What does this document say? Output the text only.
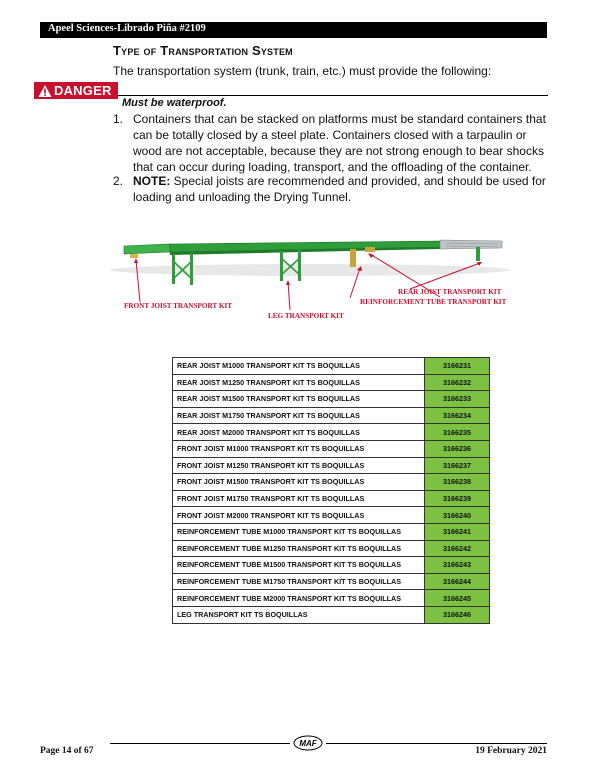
Apeel Sciences-Librado Piña #2109
Type of Transportation System
The transportation system (trunk, train, etc.) must provide the following:
DANGER
Must be waterproof.
1. Containers that can be stacked on platforms must be standard containers that can be totally closed by a steel plate. Containers closed with a tarpaulin or wood are not acceptable, because they are not strong enough to bear shocks that can occur during loading, transport, and the offloading of the container.
2. NOTE: Special joists are recommended and provided, and should be used for loading and unloading the Drying Tunnel.
FRONT JOIST TRANSPORT KIT
LEG TRANSPORT KIT
REAR JOIST TRANSPORT KIT
REINFORCEMENT TUBE TRANSPORT KIT
REAR JOIST M1000 TRANSPORT KIT TS BOQUILLAS	3166231
REAR JOIST M1250 TRANSPORT KIT TS BOQUILLAS	3166232
REAR JOIST M1500 TRANSPORT KIT TS BOQUILLAS	3166233
REAR JOIST M1750 TRANSPORT KIT TS BOQUILLAS	3166234
REAR JOIST M2000 TRANSPORT KIT TS BOQUILLAS	3166235
FRONT JOIST M1000 TRANSPORT KIT TS BOQUILLAS	3166236
FRONT JOIST M1250 TRANSPORT KIT TS BOQUILLAS	3166237
FRONT JOIST M1500 TRANSPORT KIT TS BOQUILLAS	3166238
FRONT JOIST M1750 TRANSPORT KIT TS BOQUILLAS	3166239
FRONT JOIST M2000 TRANSPORT KIT TS BOQUILLAS	3166240
REINFORCEMENT TUBE M1000 TRANSPORT KIT TS BOQUILLAS	3166241
REINFORCEMENT TUBE M1250 TRANSPORT KIT TS BOQUILLAS	3166242
REINFORCEMENT TUBE M1500 TRANSPORT KIT TS BOQUILLAS	3166243
REINFORCEMENT TUBE M1750 TRANSPORT KIT TS BOQUILLAS	3166244
REINFORCEMENT TUBE M2000 TRANSPORT KIT TS BOQUILLAS	3166245
LEG TRANSPORT KIT TS BOQUILLAS	3166246
MAF
Page 14 of 67	19 February 2021
